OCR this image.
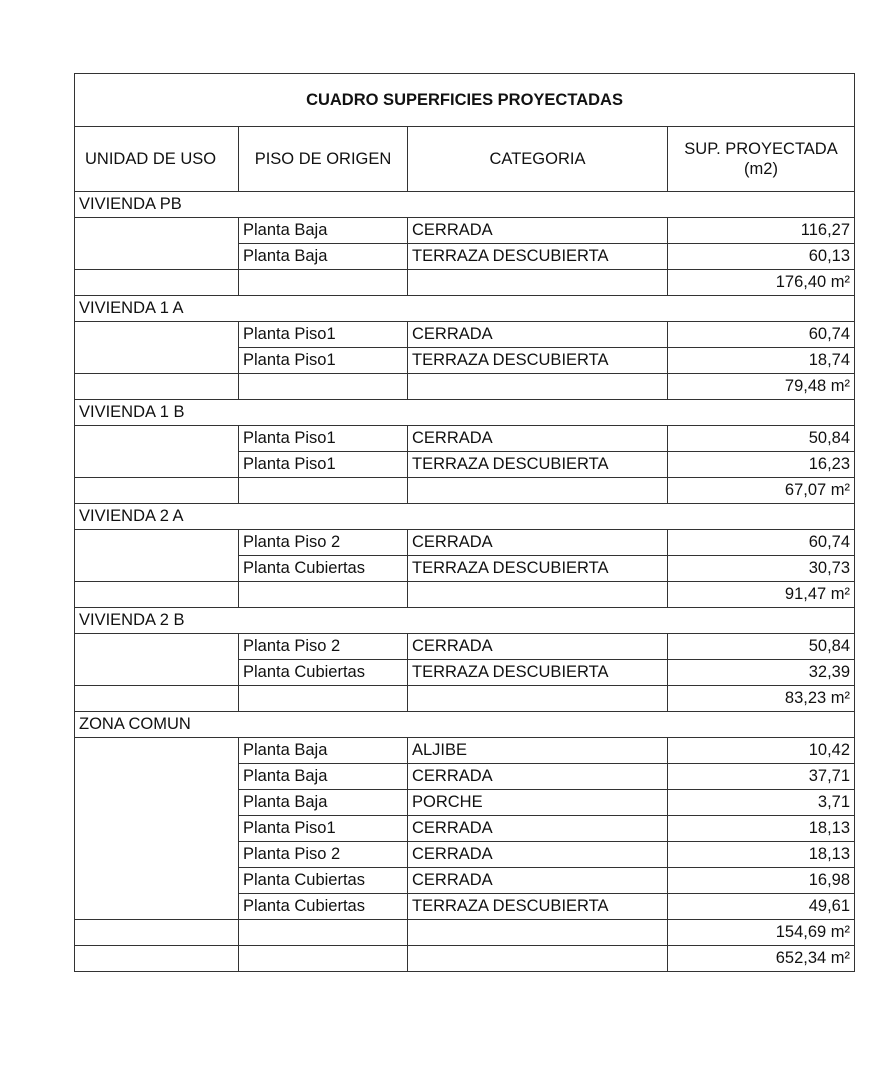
CUADRO SUPERFICIES PROYECTADAS			
UNIDAD DE USO	PISO DE ORIGEN	CATEGORIA	SUP. PROYECTADA (m2)
VIVIENDA PB			
	Planta Baja	CERRADA	116,27
	Planta Baja	TERRAZA DESCUBIERTA	60,13
			176,40 m²
VIVIENDA 1 A			
	Planta Piso1	CERRADA	60,74
	Planta Piso1	TERRAZA DESCUBIERTA	18,74
			79,48 m²
VIVIENDA 1 B			
	Planta Piso1	CERRADA	50,84
	Planta Piso1	TERRAZA DESCUBIERTA	16,23
			67,07 m²
VIVIENDA 2 A			
	Planta Piso 2	CERRADA	60,74
	Planta Cubiertas	TERRAZA DESCUBIERTA	30,73
			91,47 m²
VIVIENDA 2 B			
	Planta Piso 2	CERRADA	50,84
	Planta Cubiertas	TERRAZA DESCUBIERTA	32,39
			83,23 m²
ZONA COMUN			
	Planta Baja	ALJIBE	10,42
	Planta Baja	CERRADA	37,71
	Planta Baja	PORCHE	3,71
	Planta Piso1	CERRADA	18,13
	Planta Piso 2	CERRADA	18,13
	Planta Cubiertas	CERRADA	16,98
	Planta Cubiertas	TERRAZA DESCUBIERTA	49,61
			154,69 m²
			652,34 m²
